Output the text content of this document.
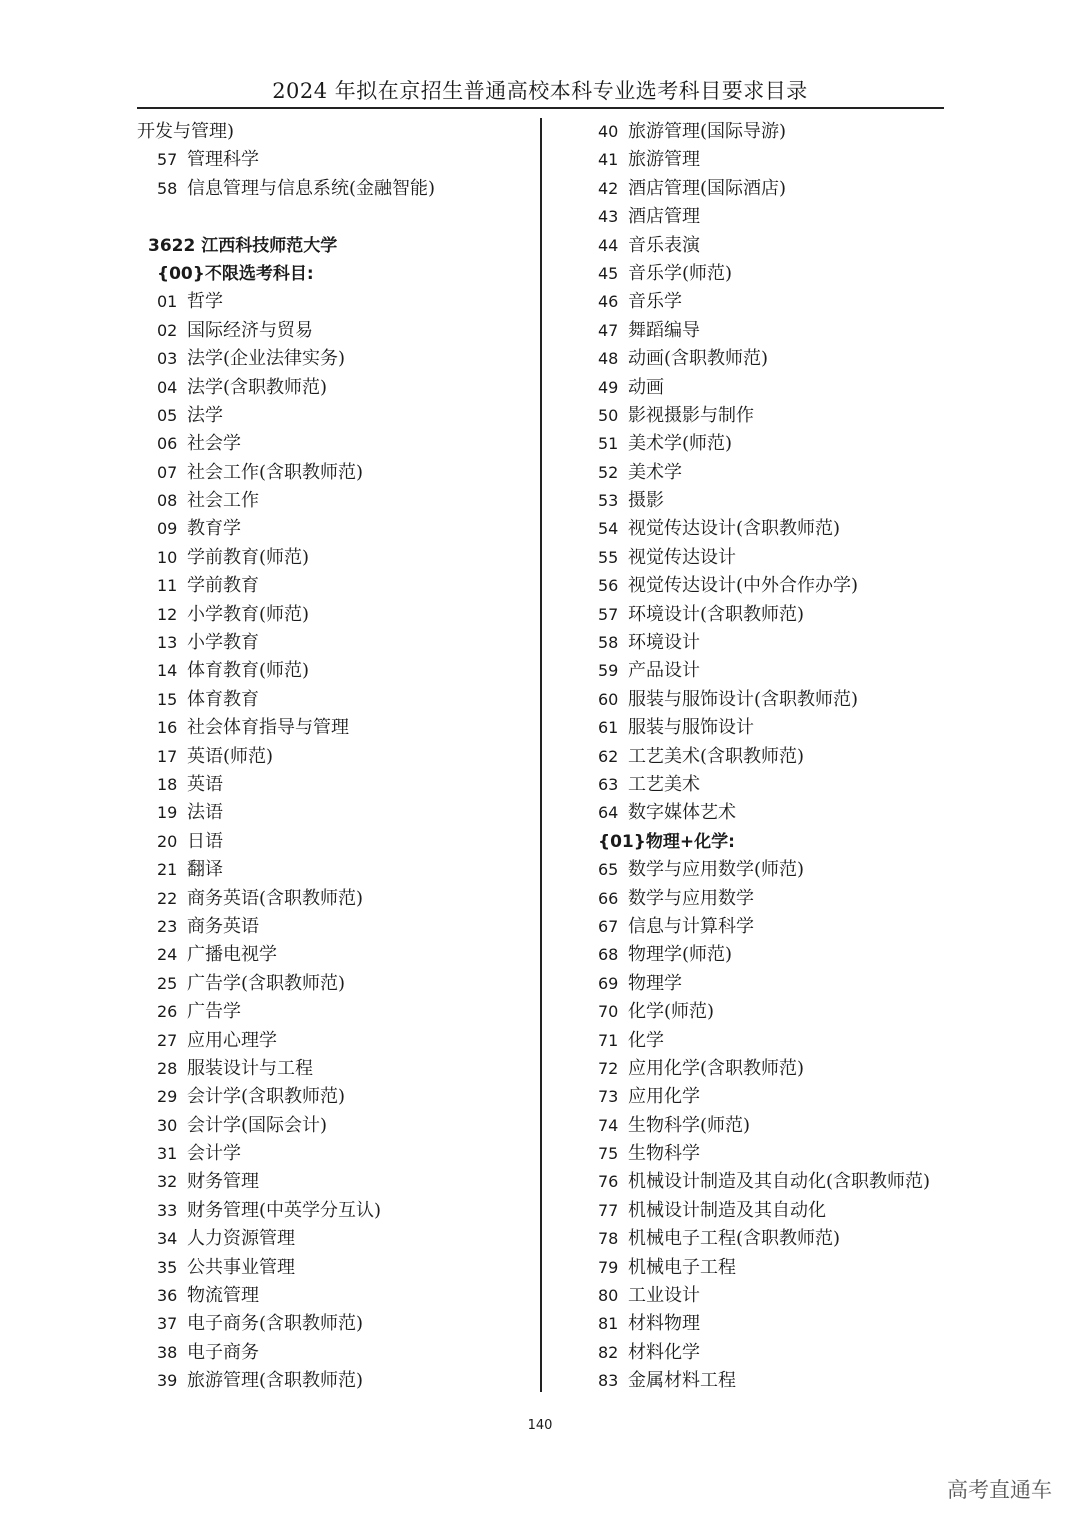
2024 年拟在京招生普通高校本科专业选考科目要求目录
开发与管理)
57 管理科学
58 信息管理与信息系统(金融智能)
3622 江西科技师范大学
{00}不限选考科目:
01 哲学
02 国际经济与贸易
03 法学(企业法律实务)
04 法学(含职教师范)
05 法学
06 社会学
07 社会工作(含职教师范)
08 社会工作
09 教育学
10 学前教育(师范)
11 学前教育
12 小学教育(师范)
13 小学教育
14 体育教育(师范)
15 体育教育
16 社会体育指导与管理
17 英语(师范)
18 英语
19 法语
20 日语
21 翻译
22 商务英语(含职教师范)
23 商务英语
24 广播电视学
25 广告学(含职教师范)
26 广告学
27 应用心理学
28 服装设计与工程
29 会计学(含职教师范)
30 会计学(国际会计)
31 会计学
32 财务管理
33 财务管理(中英学分互认)
34 人力资源管理
35 公共事业管理
36 物流管理
37 电子商务(含职教师范)
38 电子商务
39 旅游管理(含职教师范)
40 旅游管理(国际导游)
41 旅游管理
42 酒店管理(国际酒店)
43 酒店管理
44 音乐表演
45 音乐学(师范)
46 音乐学
47 舞蹈编导
48 动画(含职教师范)
49 动画
50 影视摄影与制作
51 美术学(师范)
52 美术学
53 摄影
54 视觉传达设计(含职教师范)
55 视觉传达设计
56 视觉传达设计(中外合作办学)
57 环境设计(含职教师范)
58 环境设计
59 产品设计
60 服装与服饰设计(含职教师范)
61 服装与服饰设计
62 工艺美术(含职教师范)
63 工艺美术
64 数字媒体艺术
{01}物理+化学:
65 数学与应用数学(师范)
66 数学与应用数学
67 信息与计算科学
68 物理学(师范)
69 物理学
70 化学(师范)
71 化学
72 应用化学(含职教师范)
73 应用化学
74 生物科学(师范)
75 生物科学
76 机械设计制造及其自动化(含职教师范)
77 机械设计制造及其自动化
78 机械电子工程(含职教师范)
79 机械电子工程
80 工业设计
81 材料物理
82 材料化学
83 金属材料工程
140
高考直通车
